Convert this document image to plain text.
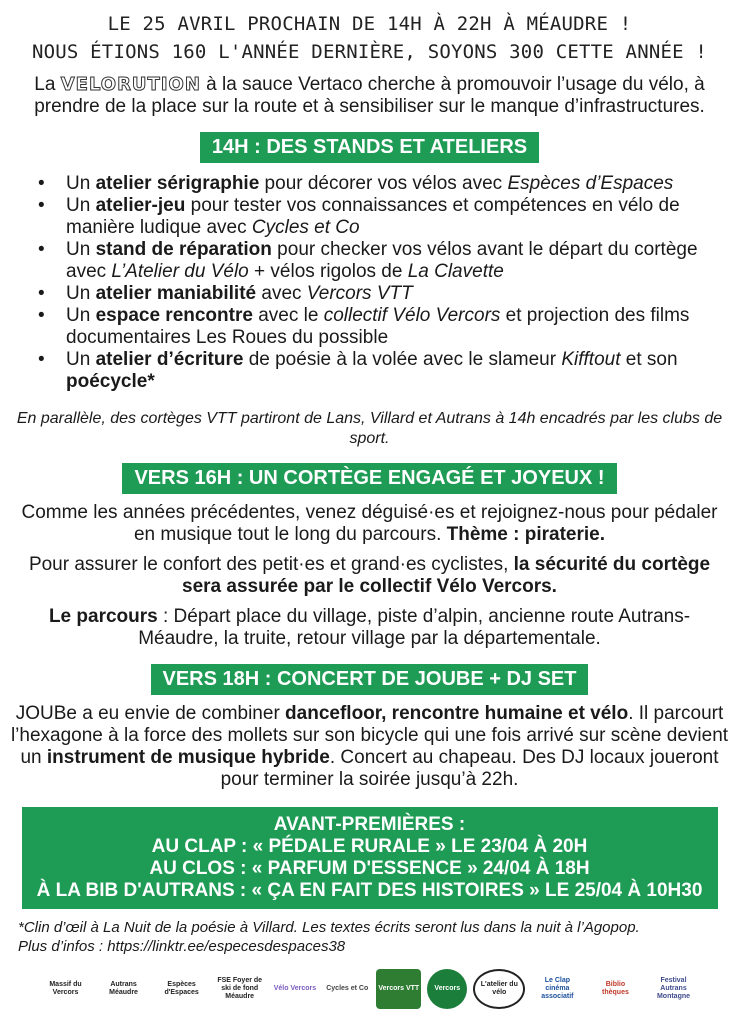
LE 25 AVRIL PROCHAIN DE 14H À 22H À MÉAUDRE !
NOUS ÉTIONS 160 L'ANNÉE DERNIÈRE, SOYONS 300 CETTE ANNÉE !
La VELORUTION à la sauce Vertaco cherche à promouvoir l’usage du vélo, à prendre de la place sur la route et à sensibiliser sur le manque d’infrastructures.
14H : DES STANDS ET ATELIERS
• Un atelier sérigraphie pour décorer vos vélos avec Espèces d’Espaces
• Un atelier-jeu pour tester vos connaissances et compétences en vélo de manière ludique avec Cycles et Co
• Un stand de réparation pour checker vos vélos avant le départ du cortège avec L’Atelier du Vélo + vélos rigolos de La Clavette
• Un atelier maniabilité avec Vercors VTT
• Un espace rencontre avec le collectif Vélo Vercors et projection des films documentaires Les Roues du possible
• Un atelier d’écriture de poésie à la volée avec le slameur Kifftout et son poécycle*
En parallèle, des cortèges VTT partiront de Lans, Villard et Autrans à 14h encadrés par les clubs de sport.
VERS 16H : UN CORTÈGE ENGAGÉ ET JOYEUX !
Comme les années précédentes, venez déguisé·es et rejoignez-nous pour pédaler en musique tout le long du parcours. Thème : piraterie.
Pour assurer le confort des petit·es et grand·es cyclistes, la sécurité du cortège sera assurée par le collectif Vélo Vercors.
Le parcours : Départ place du village, piste d’alpin, ancienne route Autrans-Méaudre, la truite, retour village par la départementale.
VERS 18H : CONCERT DE JOUBE + DJ SET
JOUBe a eu envie de combiner dancefloor, rencontre humaine et vélo. Il parcourt l’hexagone à la force des mollets sur son bicycle qui une fois arrivé sur scène devient un instrument de musique hybride. Concert au chapeau. Des DJ locaux joueront pour terminer la soirée jusqu’à 22h.
AVANT-PREMIÈRES :
AU CLAP : « PÉDALE RURALE » LE 23/04 À 20H
AU CLOS : « PARFUM D'ESSENCE » 24/04 À 18H
À LA BIB D'AUTRANS : « ÇA EN FAIT DES HISTOIRES » LE 25/04 À 10H30
*Clin d’œil à La Nuit de la poésie à Villard. Les textes écrits seront lus dans la nuit à l’Agopop.
Plus d’infos : https://linktr.ee/especesdespaces38
Massif du Vercors
Autrans Méaudre
Espèces d'Espaces
FSE Foyer de ski de fond Méaudre
Vélo Vercors Cycles et Co Vercors VTT	Vercors
L'atelier du vélo
Le Clap cinéma associatif
Biblio thèques
Festival Autrans Montagne
